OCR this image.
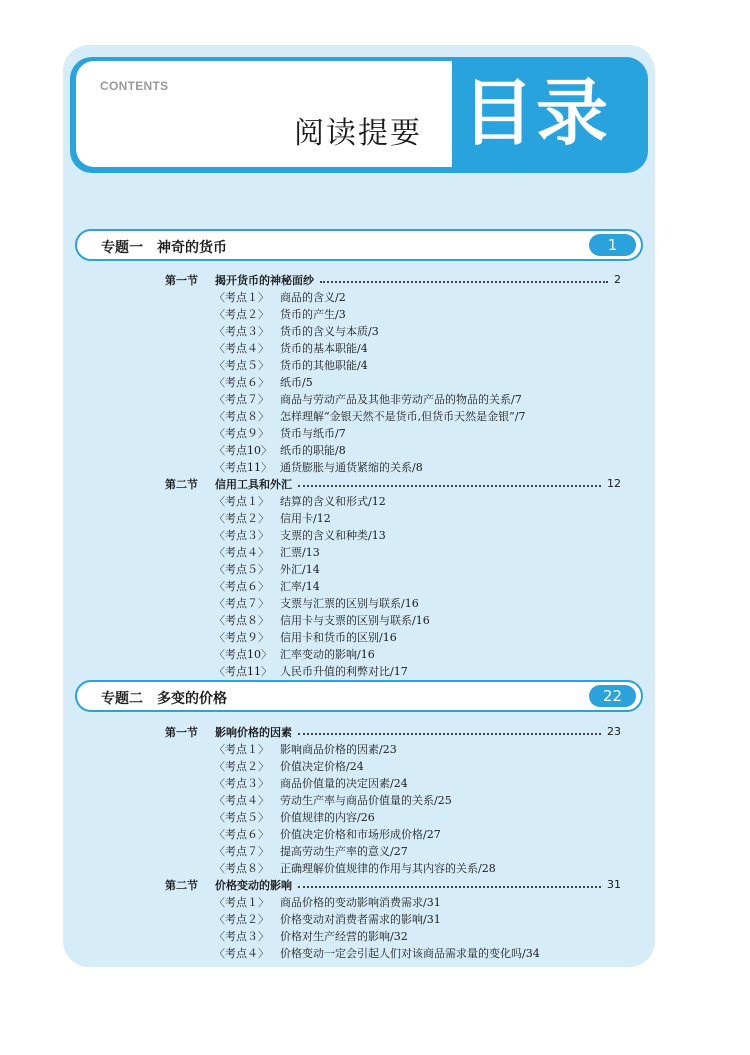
CONTENTS
阅读提要 目录
专题一　神奇的货币	1
第一节	揭开货币的神秘面纱	2
〈考点１〉	商品的含义/2
〈考点２〉	货币的产生/3
〈考点３〉	货币的含义与本质/3
〈考点４〉	货币的基本职能/4
〈考点５〉	货币的其他职能/4
〈考点６〉	纸币/5
〈考点７〉	商品与劳动产品及其他非劳动产品的物品的关系/7
〈考点８〉	怎样理解“金银天然不是货币,但货币天然是金银”/7
〈考点９〉	货币与纸币/7
〈考点10〉 纸币的职能/8
〈考点11〉 通货膨胀与通货紧缩的关系/8
第二节	信用工具和外汇	12
〈考点１〉	结算的含义和形式/12
〈考点２〉	信用卡/12
〈考点３〉	支票的含义和种类/13
〈考点４〉	汇票/13
〈考点５〉	外汇/14
〈考点６〉	汇率/14
〈考点７〉	支票与汇票的区别与联系/16
〈考点８〉	信用卡与支票的区别与联系/16
〈考点９〉	信用卡和货币的区别/16
〈考点10〉 汇率变动的影响/16
〈考点11〉 人民币升值的利弊对比/17
专题二　多变的价格	22
第一节	影响价格的因素	23
〈考点１〉	影响商品价格的因素/23
〈考点２〉	价值决定价格/24
〈考点３〉	商品价值量的决定因素/24
〈考点４〉	劳动生产率与商品价值量的关系/25
〈考点５〉	价值规律的内容/26
〈考点６〉	价值决定价格和市场形成价格/27
〈考点７〉	提高劳动生产率的意义/27
〈考点８〉	正确理解价值规律的作用与其内容的关系/28
第二节	价格变动的影响	31
〈考点１〉	商品价格的变动影响消费需求/31
〈考点２〉	价格变动对消费者需求的影响/31
〈考点３〉	价格对生产经营的影响/32
〈考点４〉	价格变动一定会引起人们对该商品需求量的变化吗/34
